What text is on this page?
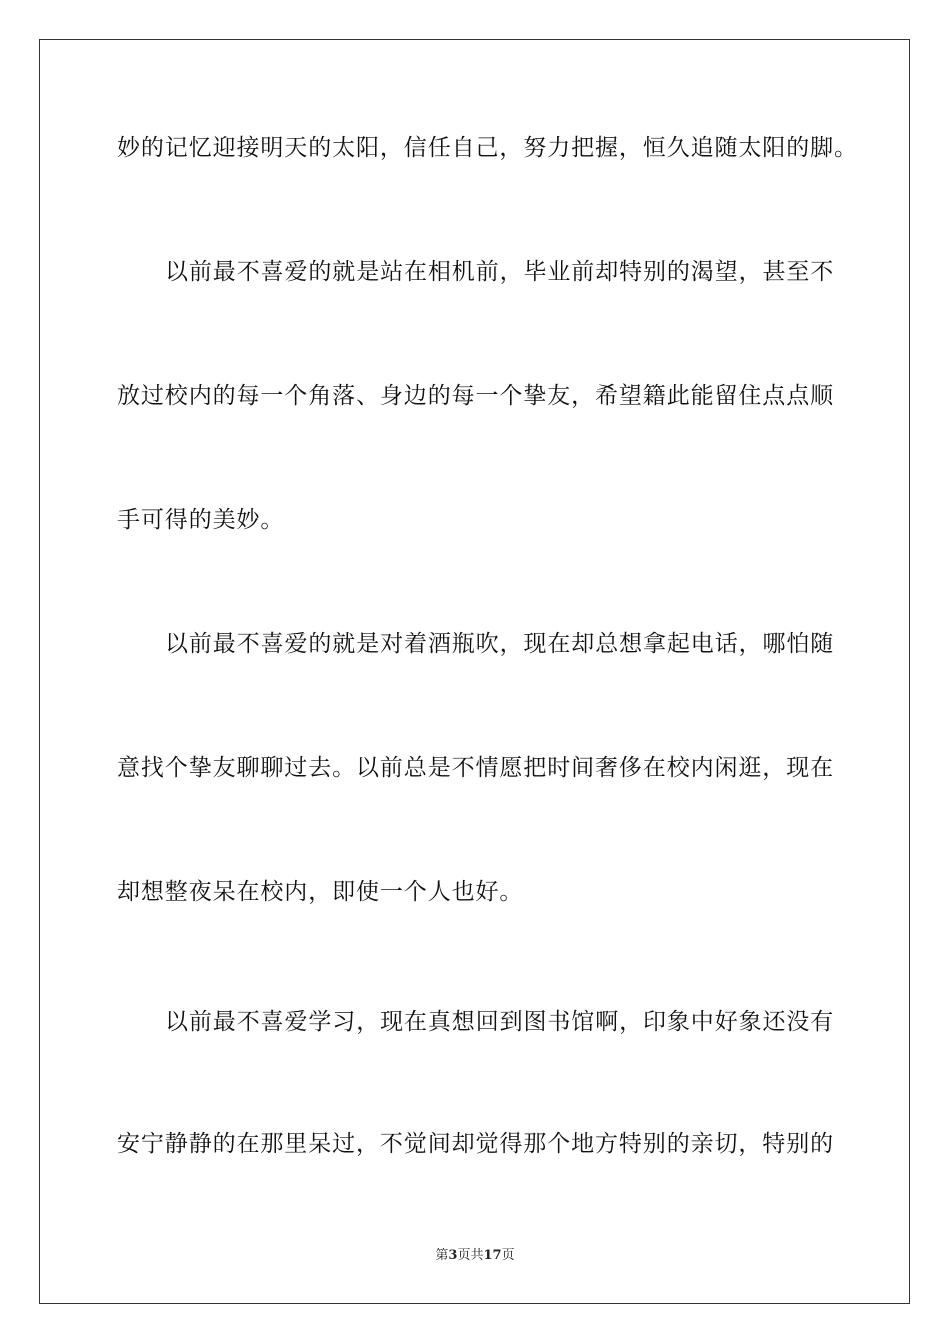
妙的记忆迎接明天的太阳，信任自己，努力把握，恒久追随太阳的脚。
以前最不喜爱的就是站在相机前，毕业前却特别的渴望，甚至不
放过校内的每一个角落、身边的每一个挚友，希望籍此能留住点点顺
手可得的美妙。
以前最不喜爱的就是对着酒瓶吹，现在却总想拿起电话，哪怕随
意找个挚友聊聊过去。以前总是不情愿把时间奢侈在校内闲逛，现在
却想整夜呆在校内，即使一个人也好。
以前最不喜爱学习，现在真想回到图书馆啊，印象中好象还没有
安宁静静的在那里呆过，不觉间却觉得那个地方特别的亲切，特别的
第3页共17页
